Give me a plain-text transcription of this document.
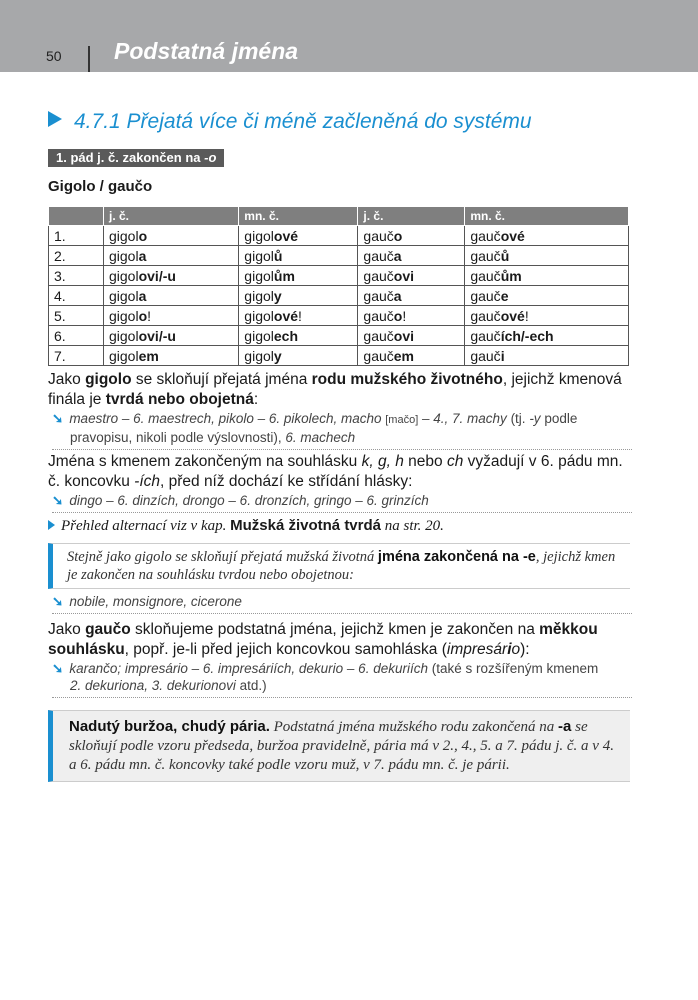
50 Podstatná jména
4.7.1 Přejatá více či méně začleněná do systému
1. pád j. č. zakončen na -o
Gigolo / gaučo
	j. č.	mn. č.	j. č.	mn. č.
1.	gigolo	gigolové	gaučo	gaučové
2.	gigola	gigolů	gauča	gaučů
3.	gigolovi/-u	gigolům	gaučovi	gaučům
4.	gigola	gigoly	gauča	gauče
5.	gigolo!	gigolové!	gaučo!	gaučové!
6.	gigolovi/-u	gigolech	gaučovi	gaučích/-ech
7.	gigolem	gigoly	gaučem	gauči
Jako gigolo se skloňují přejatá jména rodu mužského životného, jejichž kmenová finála je tvrdá nebo obojetná:
➘ maestro – 6. maestrech, pikolo – 6. pikolech, macho [mačo] – 4., 7. machy (tj. -y podle
pravopisu, nikoli podle výslovnosti), 6. machech
Jména s kmenem zakončeným na souhlásku k, g, h nebo ch vyžadují v 6. pádu mn. č. koncovku -ích, před níž dochází ke střídání hlásky:
➘ dingo – 6. dinzích, drongo – 6. dronzích, gringo – 6. grinzích
Přehled alternací viz v kap. Mužská životná tvrdá na str. 20.
Stejně jako gigolo se skloňují přejatá mužská životná jména zakončená na -e, jejichž kmen je zakončen na souhlásku tvrdou nebo obojetnou:
➘ nobile, monsignore, cicerone
Jako gaučo skloňujeme podstatná jména, jejichž kmen je zakončen na měkkou souhlásku, popř. je-li před jejich koncovkou samohláska (impresário):
➘ karančo; impresário – 6. impresáriích, dekurio – 6. dekuriích (také s rozšířeným kmenem
2. dekuriona, 3. dekurionovi atd.)
Nadutý buržoa, chudý pária. Podstatná jména mužského rodu zakončená na -a se skloňují podle vzoru předseda, buržoa pravidelně, pária má v 2., 4., 5. a 7. pádu j. č. a v 4. a 6. pádu mn. č. koncovky také podle vzoru muž, v 7. pádu mn. č. je párii.
